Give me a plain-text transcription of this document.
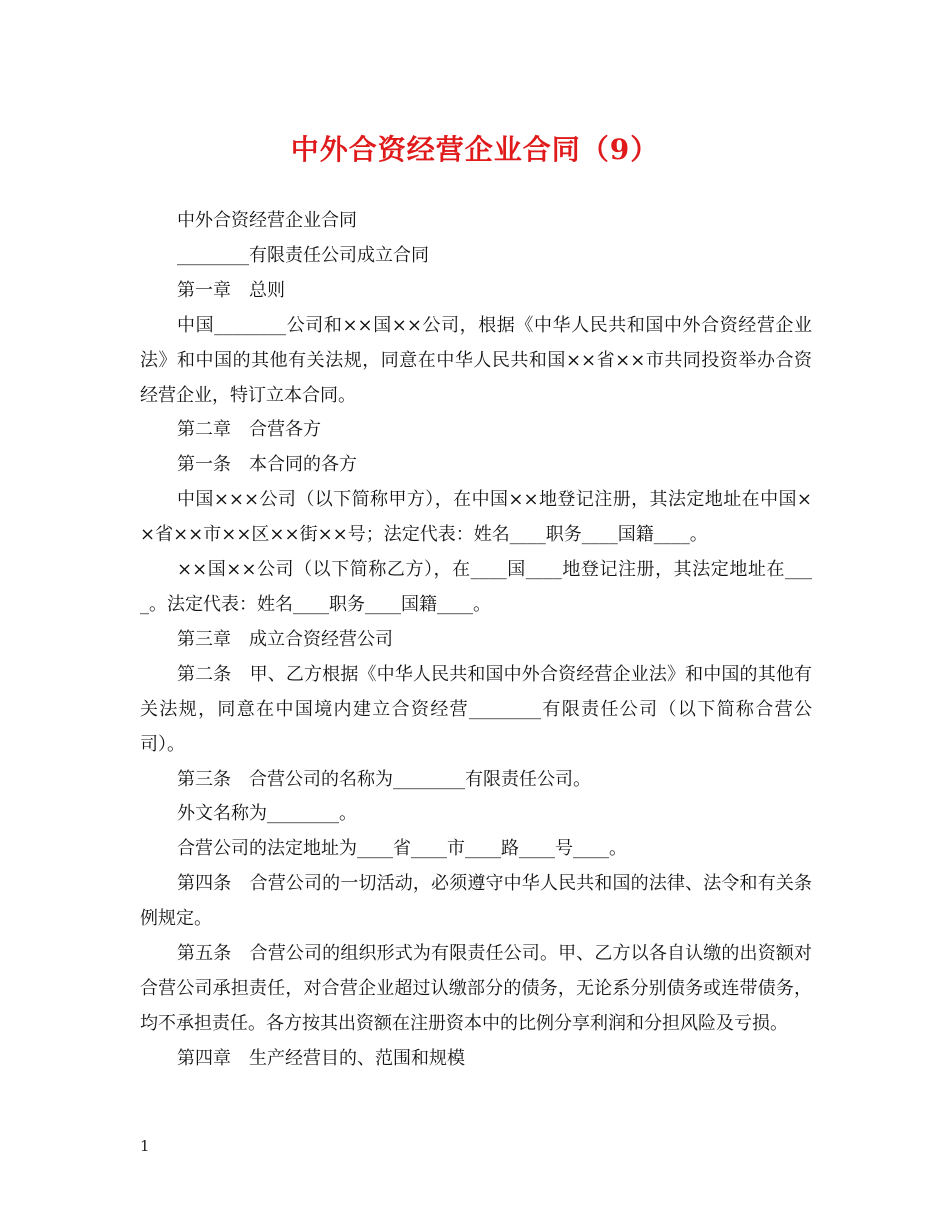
中外合资经营企业合同（9）

中外合资经营企业合同

________有限责任公司成立合同

第一章　总则

中国________公司和××国××公司，根据《中华人民共和国中外合资经营企业法》和中国的其他有关法规，同意在中华人民共和国××省××市共同投资举办合资经营企业，特订立本合同。

第二章　合营各方

第一条　本合同的各方

中国×××公司（以下简称甲方），在中国××地登记注册，其法定地址在中国××省××市××区××街××号；法定代表：姓名____职务____国籍____。

××国××公司（以下简称乙方），在____国____地登记注册，其法定地址在____。法定代表：姓名____职务____国籍____。

第三章　成立合资经营公司

第二条　甲、乙方根据《中华人民共和国中外合资经营企业法》和中国的其他有关法规，同意在中国境内建立合资经营________有限责任公司（以下简称合营公司）。

第三条　合营公司的名称为________有限责任公司。

外文名称为________。

合营公司的法定地址为____省____市____路____号____。

第四条　合营公司的一切活动，必须遵守中华人民共和国的法律、法令和有关条例规定。

第五条　合营公司的组织形式为有限责任公司。甲、乙方以各自认缴的出资额对合营公司承担责任，对合营企业超过认缴部分的债务，无论系分别债务或连带债务，均不承担责任。各方按其出资额在注册资本中的比例分享利润和分担风险及亏损。

第四章　生产经营目的、范围和规模

1
